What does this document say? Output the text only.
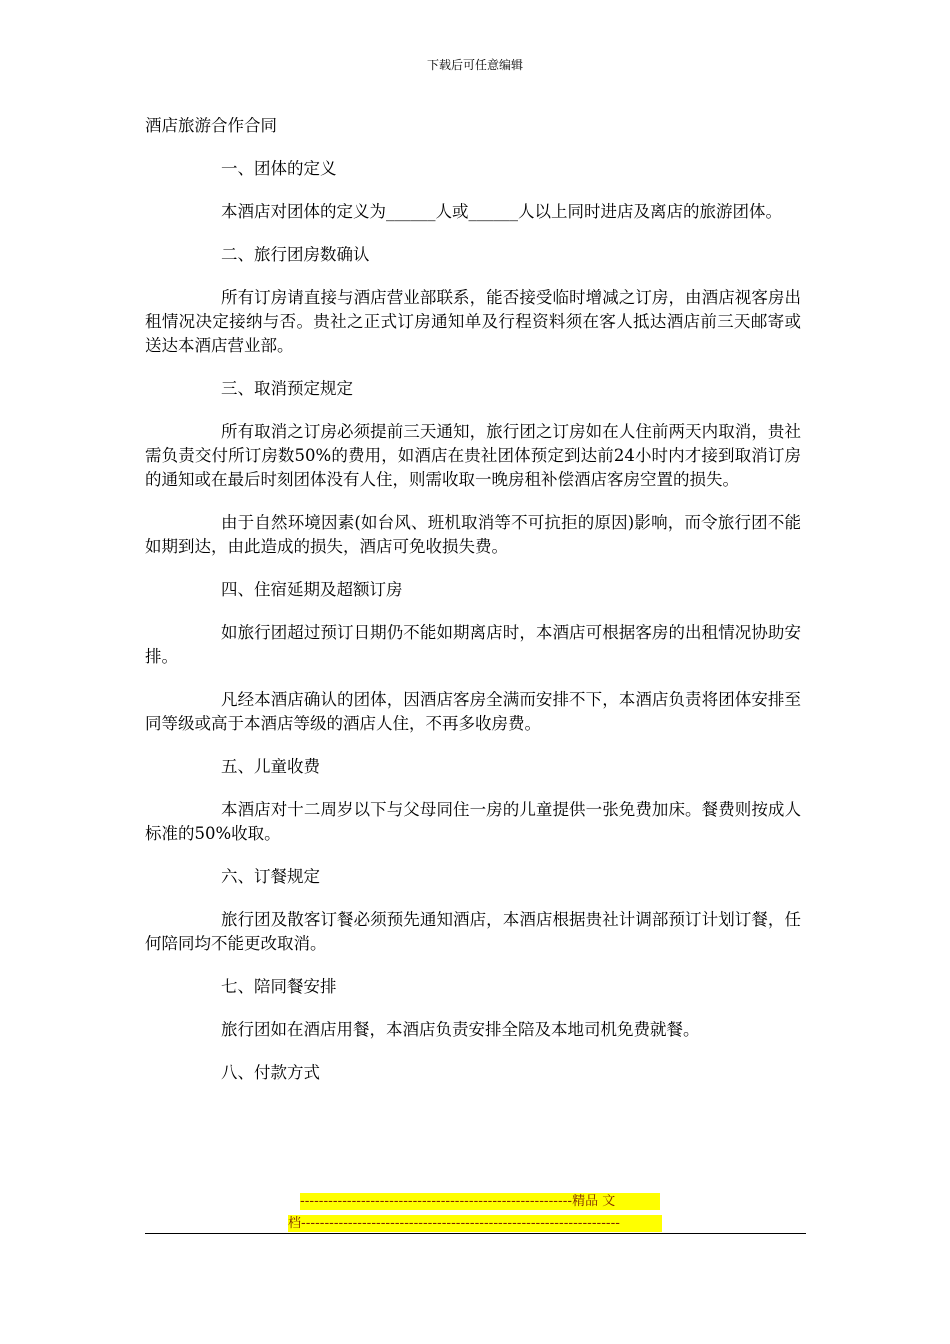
下载后可任意编辑

酒店旅游合作合同

一、团体的定义

本酒店对团体的定义为______人或______人以上同时进店及离店的旅游团体。

二、旅行团房数确认

所有订房请直接与酒店营业部联系，能否接受临时增减之订房，由酒店视客房出租情况决定接纳与否。贵社之正式订房通知单及行程资料须在客人抵达酒店前三天邮寄或送达本酒店营业部。

三、取消预定规定

所有取消之订房必须提前三天通知，旅行团之订房如在人住前两天内取消，贵社需负责交付所订房数50%的费用，如酒店在贵社团体预定到达前24小时内才接到取消订房的通知或在最后时刻团体没有人住，则需收取一晚房租补偿酒店客房空置的损失。

由于自然环境因素(如台风、班机取消等不可抗拒的原因)影响，而令旅行团不能如期到达，由此造成的损失，酒店可免收损失费。

四、住宿延期及超额订房

如旅行团超过预订日期仍不能如期离店时，本酒店可根据客房的出租情况协助安排。

凡经本酒店确认的团体，因酒店客房全满而安排不下，本酒店负责将团体安排至同等级或高于本酒店等级的酒店人住，不再多收房费。

五、儿童收费

本酒店对十二周岁以下与父母同住一房的儿童提供一张免费加床。餐费则按成人标准的50%收取。

六、订餐规定

旅行团及散客订餐必须预先通知酒店，本酒店根据贵社计调部预订计划订餐，任何陪同均不能更改取消。

七、陪同餐安排

旅行团如在酒店用餐，本酒店负责安排全陪及本地司机免费就餐。

八、付款方式

----------------------------------------------------------精品 文
档--------------------------------------------------------------------
